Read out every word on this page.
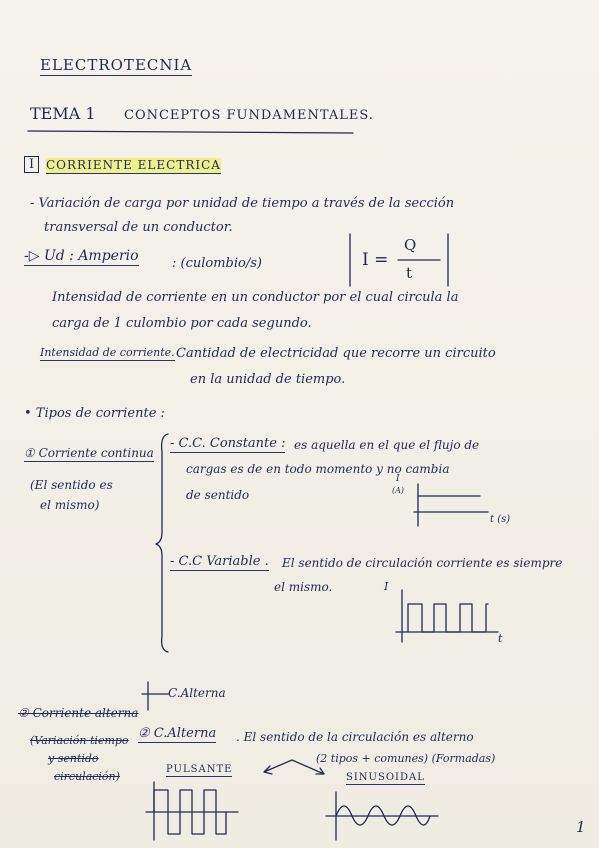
ELECTROTECNIA
TEMA 1 CONCEPTOS FUNDAMENTALES.
I CORRIENTE ELECTRICA
- Variación de carga por unidad de tiempo a través de la sección
transversal de un conductor.
-▷ Ud : Amperio	: (culombio/s)	I =
Q
t
Intensidad de corriente en un conductor por el cual circula la
carga de 1 culombio por cada segundo.
Intensidad de corriente. Cantidad de electricidad que recorre un circuito
en la unidad de tiempo.
• Tipos de corriente :
① Corriente continua
(El sentido es
el mismo)
- C.C. Constante : es aquella en el que el flujo de
cargas es de en todo momento y no cambia
de sentido
I
(A)
t (s)
- C.C Variable . El sentido de circulación corriente es siempre
el mismo.	I
t
C.Alterna
② Corriente alterna
(Variación tiempo
y sentido
circulación)
② C.Alterna . El sentido de la circulación es alterno
(2 tipos + comunes) (Formadas)
PULSANTE
SINUSOIDAL
1
